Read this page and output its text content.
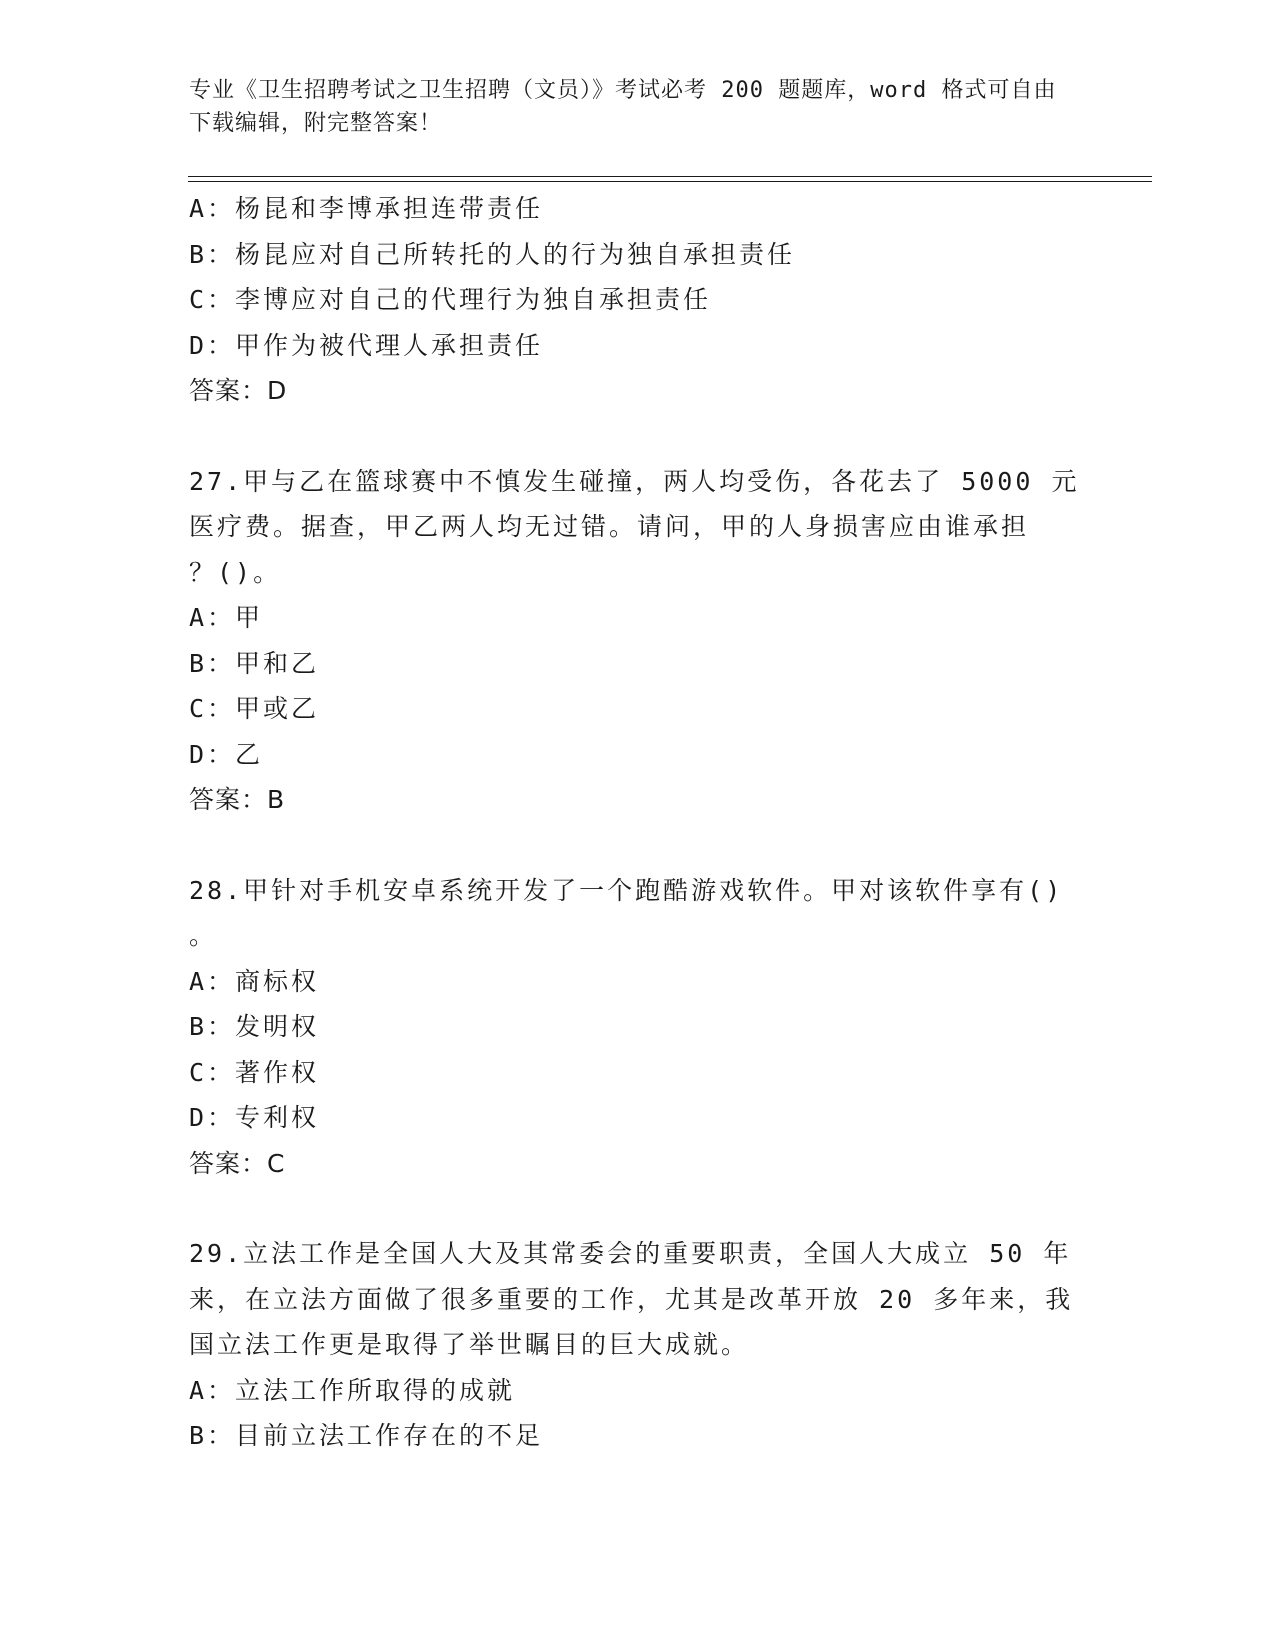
专业《卫生招聘考试之卫生招聘（文员）》考试必考 200 题题库，word 格式可自由下载编辑，附完整答案！
A：杨昆和李博承担连带责任
B：杨昆应对自己所转托的人的行为独自承担责任
C：李博应对自己的代理行为独自承担责任
D：甲作为被代理人承担责任
答案：D
27.甲与乙在篮球赛中不慎发生碰撞，两人均受伤，各花去了 5000 元
医疗费。据查，甲乙两人均无过错。请问，甲的人身损害应由谁承担
？()。
A：甲
B：甲和乙
C：甲或乙
D：乙
答案：B
28.甲针对手机安卓系统开发了一个跑酷游戏软件。甲对该软件享有()
。
A：商标权
B：发明权
C：著作权
D：专利权
答案：C
29.立法工作是全国人大及其常委会的重要职责，全国人大成立 50 年
来，在立法方面做了很多重要的工作，尤其是改革开放 20 多年来，我
国立法工作更是取得了举世瞩目的巨大成就。
A：立法工作所取得的成就
B：目前立法工作存在的不足
